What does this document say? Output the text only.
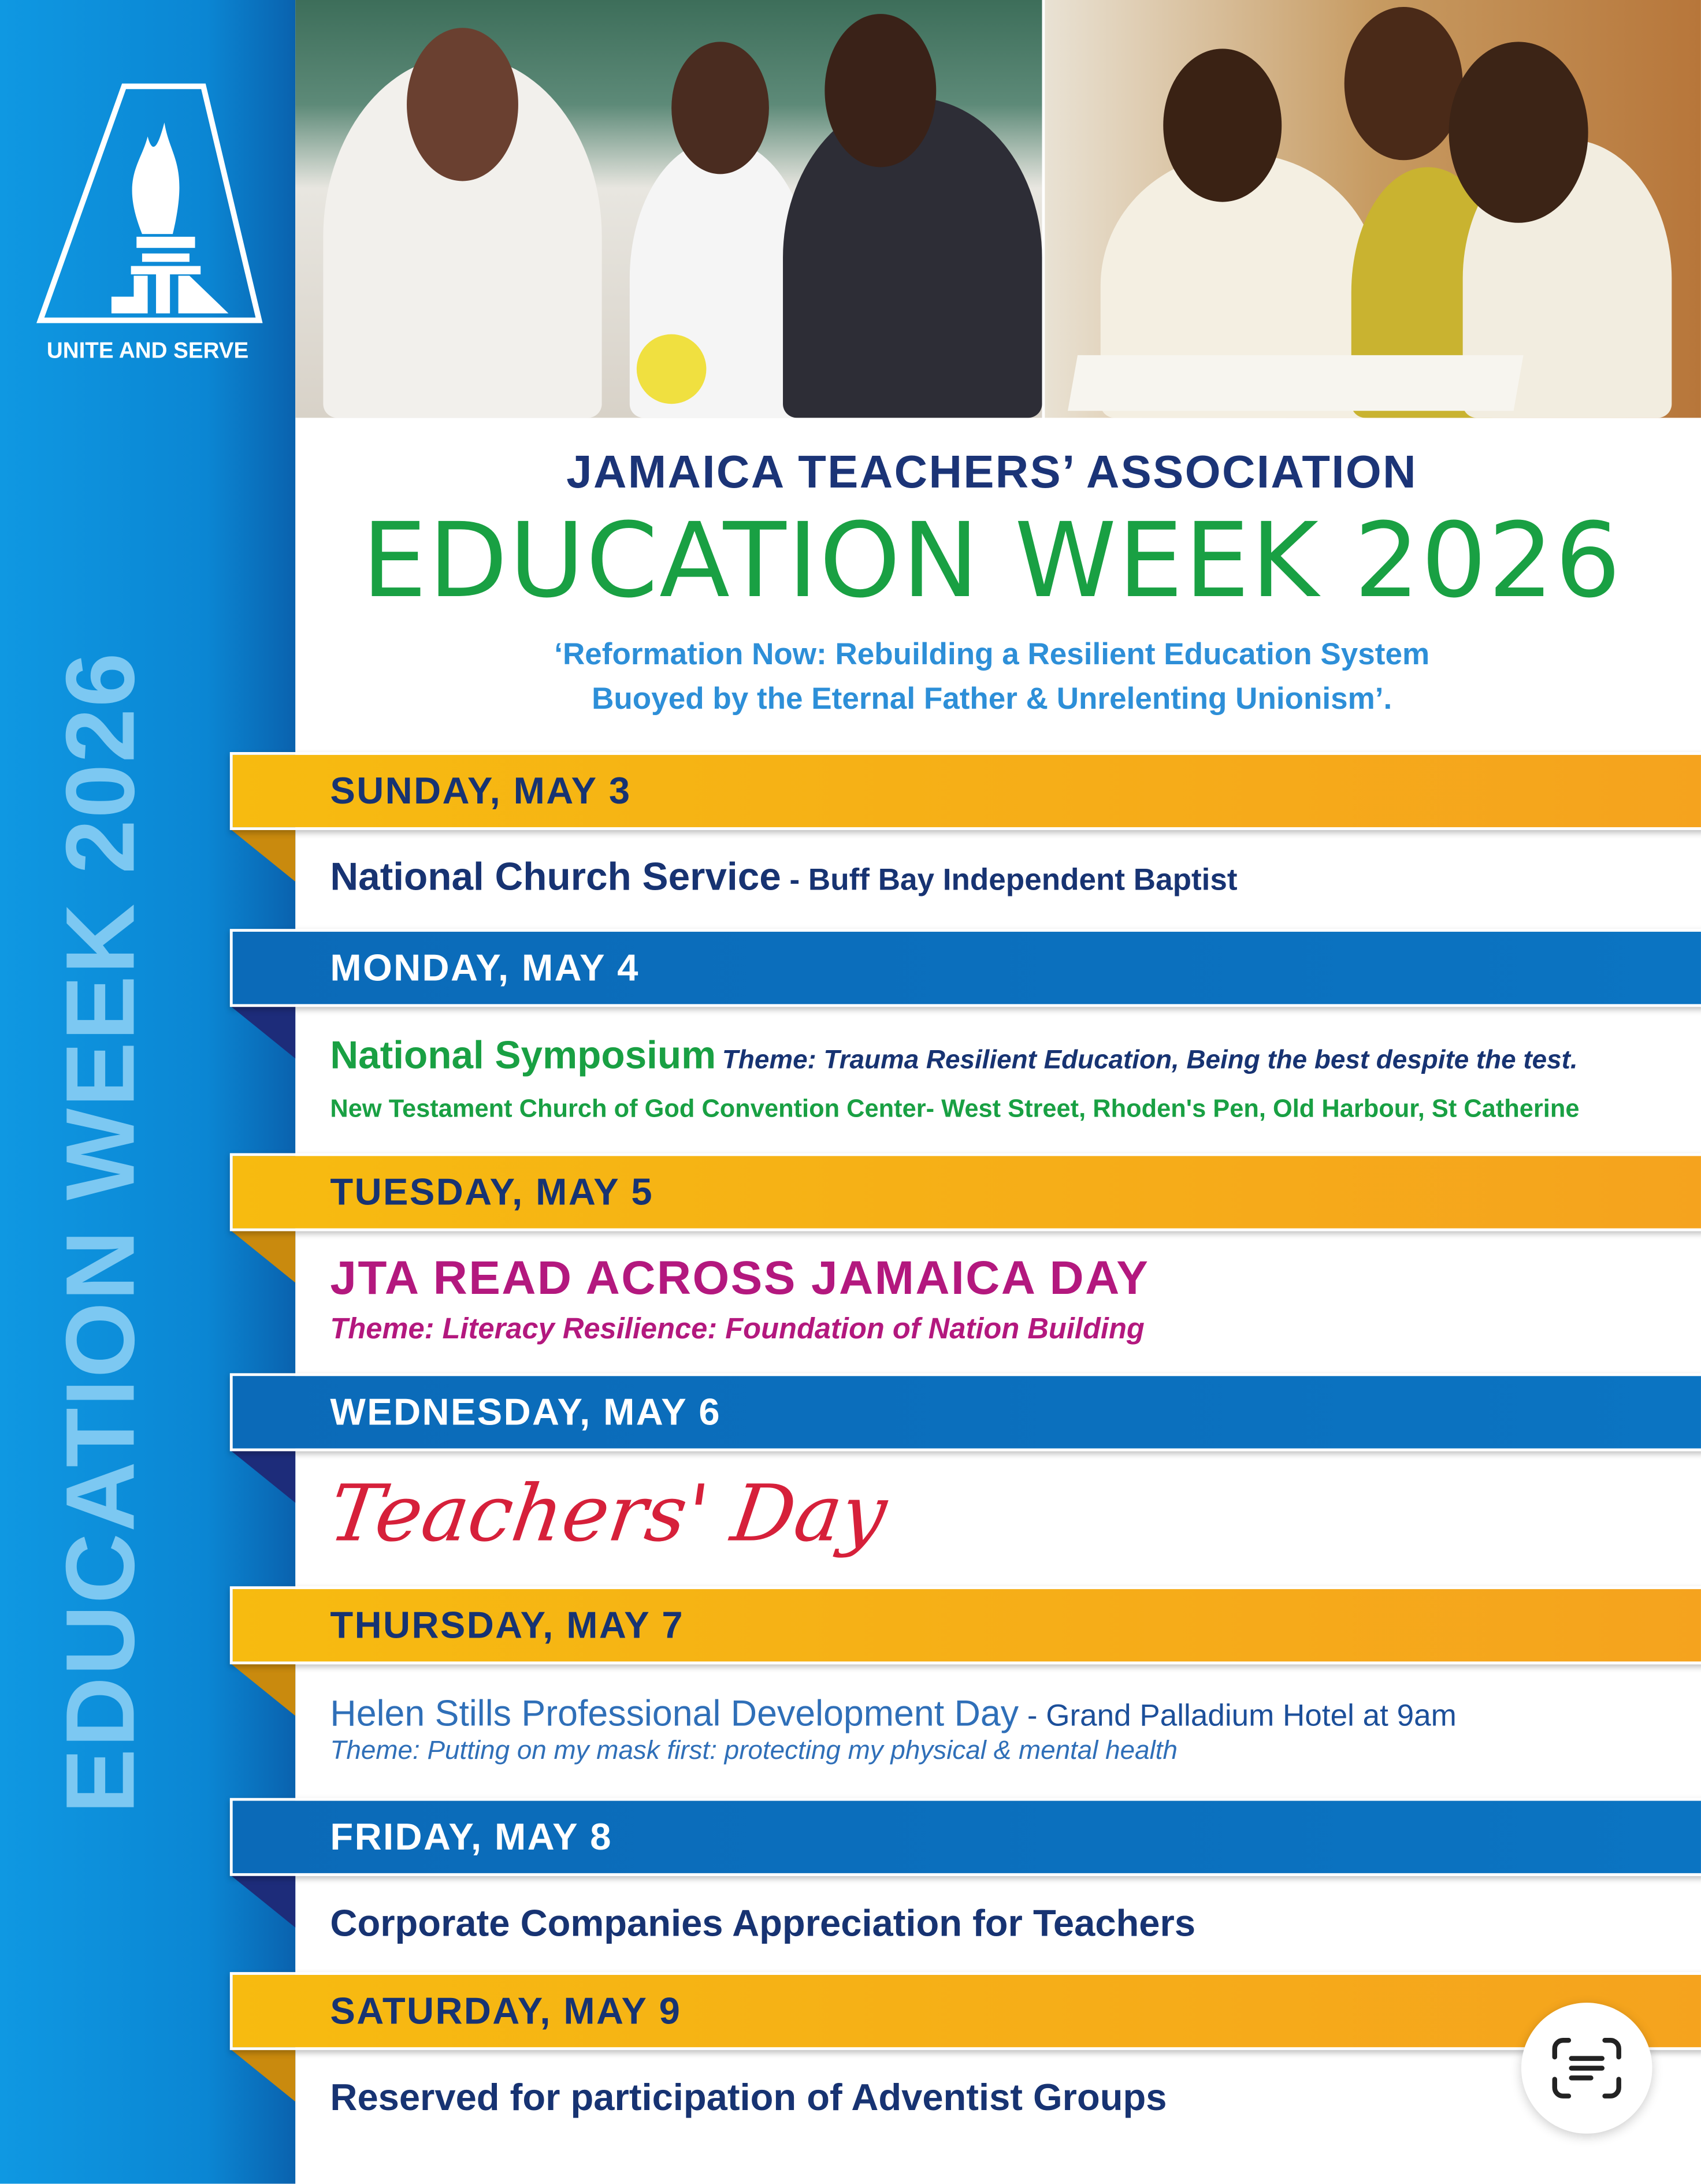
UNITE AND SERVE
EDUCATION WEEK 2026
JAMAICA TEACHERS’ ASSOCIATION
EDUCATION WEEK 2026
‘Reformation Now: Rebuilding a Resilient Education System
Buoyed by the Eternal Father & Unrelenting Unionism’.
SUNDAY, MAY 3
National Church Service - Buff Bay Independent Baptist
MONDAY, MAY 4
National Symposium Theme: Trauma Resilient Education, Being the best despite the test.
New Testament Church of God Convention Center- West Street, Rhoden's Pen, Old Harbour, St Catherine
TUESDAY, MAY 5
JTA READ ACROSS JAMAICA DAY
Theme: Literacy Resilience: Foundation of Nation Building
WEDNESDAY, MAY 6
Teachers' Day
THURSDAY, MAY 7
Helen Stills Professional Development Day - Grand Palladium Hotel at 9am
Theme: Putting on my mask first: protecting my physical & mental health
FRIDAY, MAY 8
Corporate Companies Appreciation for Teachers
SATURDAY, MAY 9
Reserved for participation of Adventist Groups
